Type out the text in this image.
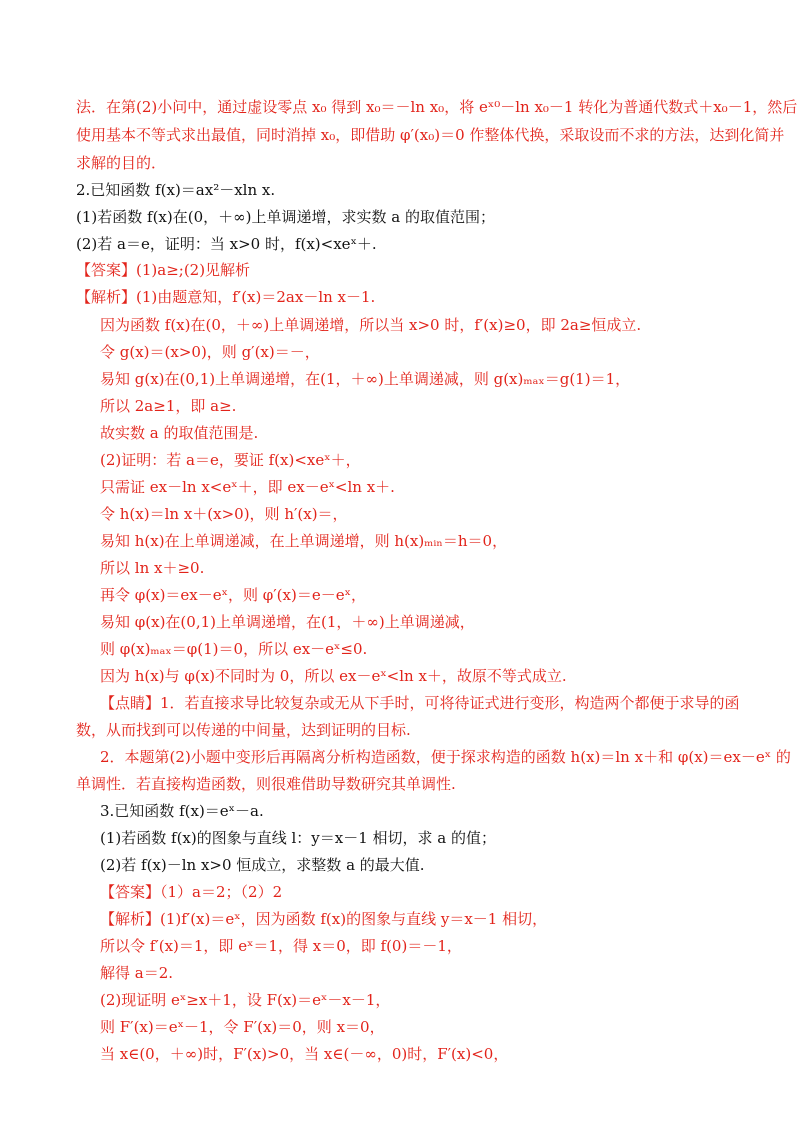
法．在第(2)小问中，通过虚设零点 x₀ 得到 x₀＝－ln x₀，将 eˣ⁰－ln x₀－1 转化为普通代数式＋x₀－1，然后
使用基本不等式求出最值，同时消掉 x₀，即借助 φ′(x₀)＝0 作整体代换，采取设而不求的方法，达到化简并
求解的目的．
2.已知函数 f(x)＝ax²－xln x.
(1)若函数 f(x)在(0，＋∞)上单调递增，求实数 a 的取值范围；
(2)若 a＝e，证明：当 x>0 时，f(x)<xeˣ＋.
【答案】(1)a≥;(2)见解析
【解析】(1)由题意知，f′(x)＝2ax－ln x－1.
因为函数 f(x)在(0，＋∞)上单调递增，所以当 x>0 时，f′(x)≥0，即 2a≥恒成立.
令 g(x)＝(x>0)，则 g′(x)＝－，
易知 g(x)在(0,1)上单调递增，在(1，＋∞)上单调递减，则 g(x)ₘₐₓ＝g(1)＝1，
所以 2a≥1，即 a≥.
故实数 a 的取值范围是.
(2)证明：若 a＝e，要证 f(x)<xeˣ＋，
只需证 ex－ln x<eˣ＋，即 ex－eˣ<ln x＋.
令 h(x)＝ln x＋(x>0)，则 h′(x)＝，
易知 h(x)在上单调递减，在上单调递增，则 h(x)ₘᵢₙ＝h＝0，
所以 ln x＋≥0.
再令 φ(x)＝ex－eˣ，则 φ′(x)＝e－eˣ，
易知 φ(x)在(0,1)上单调递增，在(1，＋∞)上单调递减，
则 φ(x)ₘₐₓ＝φ(1)＝0，所以 ex－eˣ≤0.
因为 h(x)与 φ(x)不同时为 0，所以 ex－eˣ<ln x＋，故原不等式成立.
【点睛】1．若直接求导比较复杂或无从下手时，可将待证式进行变形，构造两个都便于求导的函
数，从而找到可以传递的中间量，达到证明的目标.
2．本题第(2)小题中变形后再隔离分析构造函数，便于探求构造的函数 h(x)＝ln x＋和 φ(x)＝ex－eˣ 的
单调性．若直接构造函数，则很难借助导数研究其单调性.
3.已知函数 f(x)＝eˣ－a.
(1)若函数 f(x)的图象与直线 l：y＝x－1 相切，求 a 的值；
(2)若 f(x)－ln x>0 恒成立，求整数 a 的最大值.
【答案】（1）a＝2；（2）2
【解析】(1)f′(x)＝eˣ，因为函数 f(x)的图象与直线 y＝x－1 相切，
所以令 f′(x)＝1，即 eˣ＝1，得 x＝0，即 f(0)＝－1，
解得 a＝2.
(2)现证明 eˣ≥x＋1，设 F(x)＝eˣ－x－1，
则 F′(x)＝eˣ－1，令 F′(x)＝0，则 x＝0，
当 x∈(0，＋∞)时，F′(x)>0，当 x∈(－∞，0)时，F′(x)<0，
